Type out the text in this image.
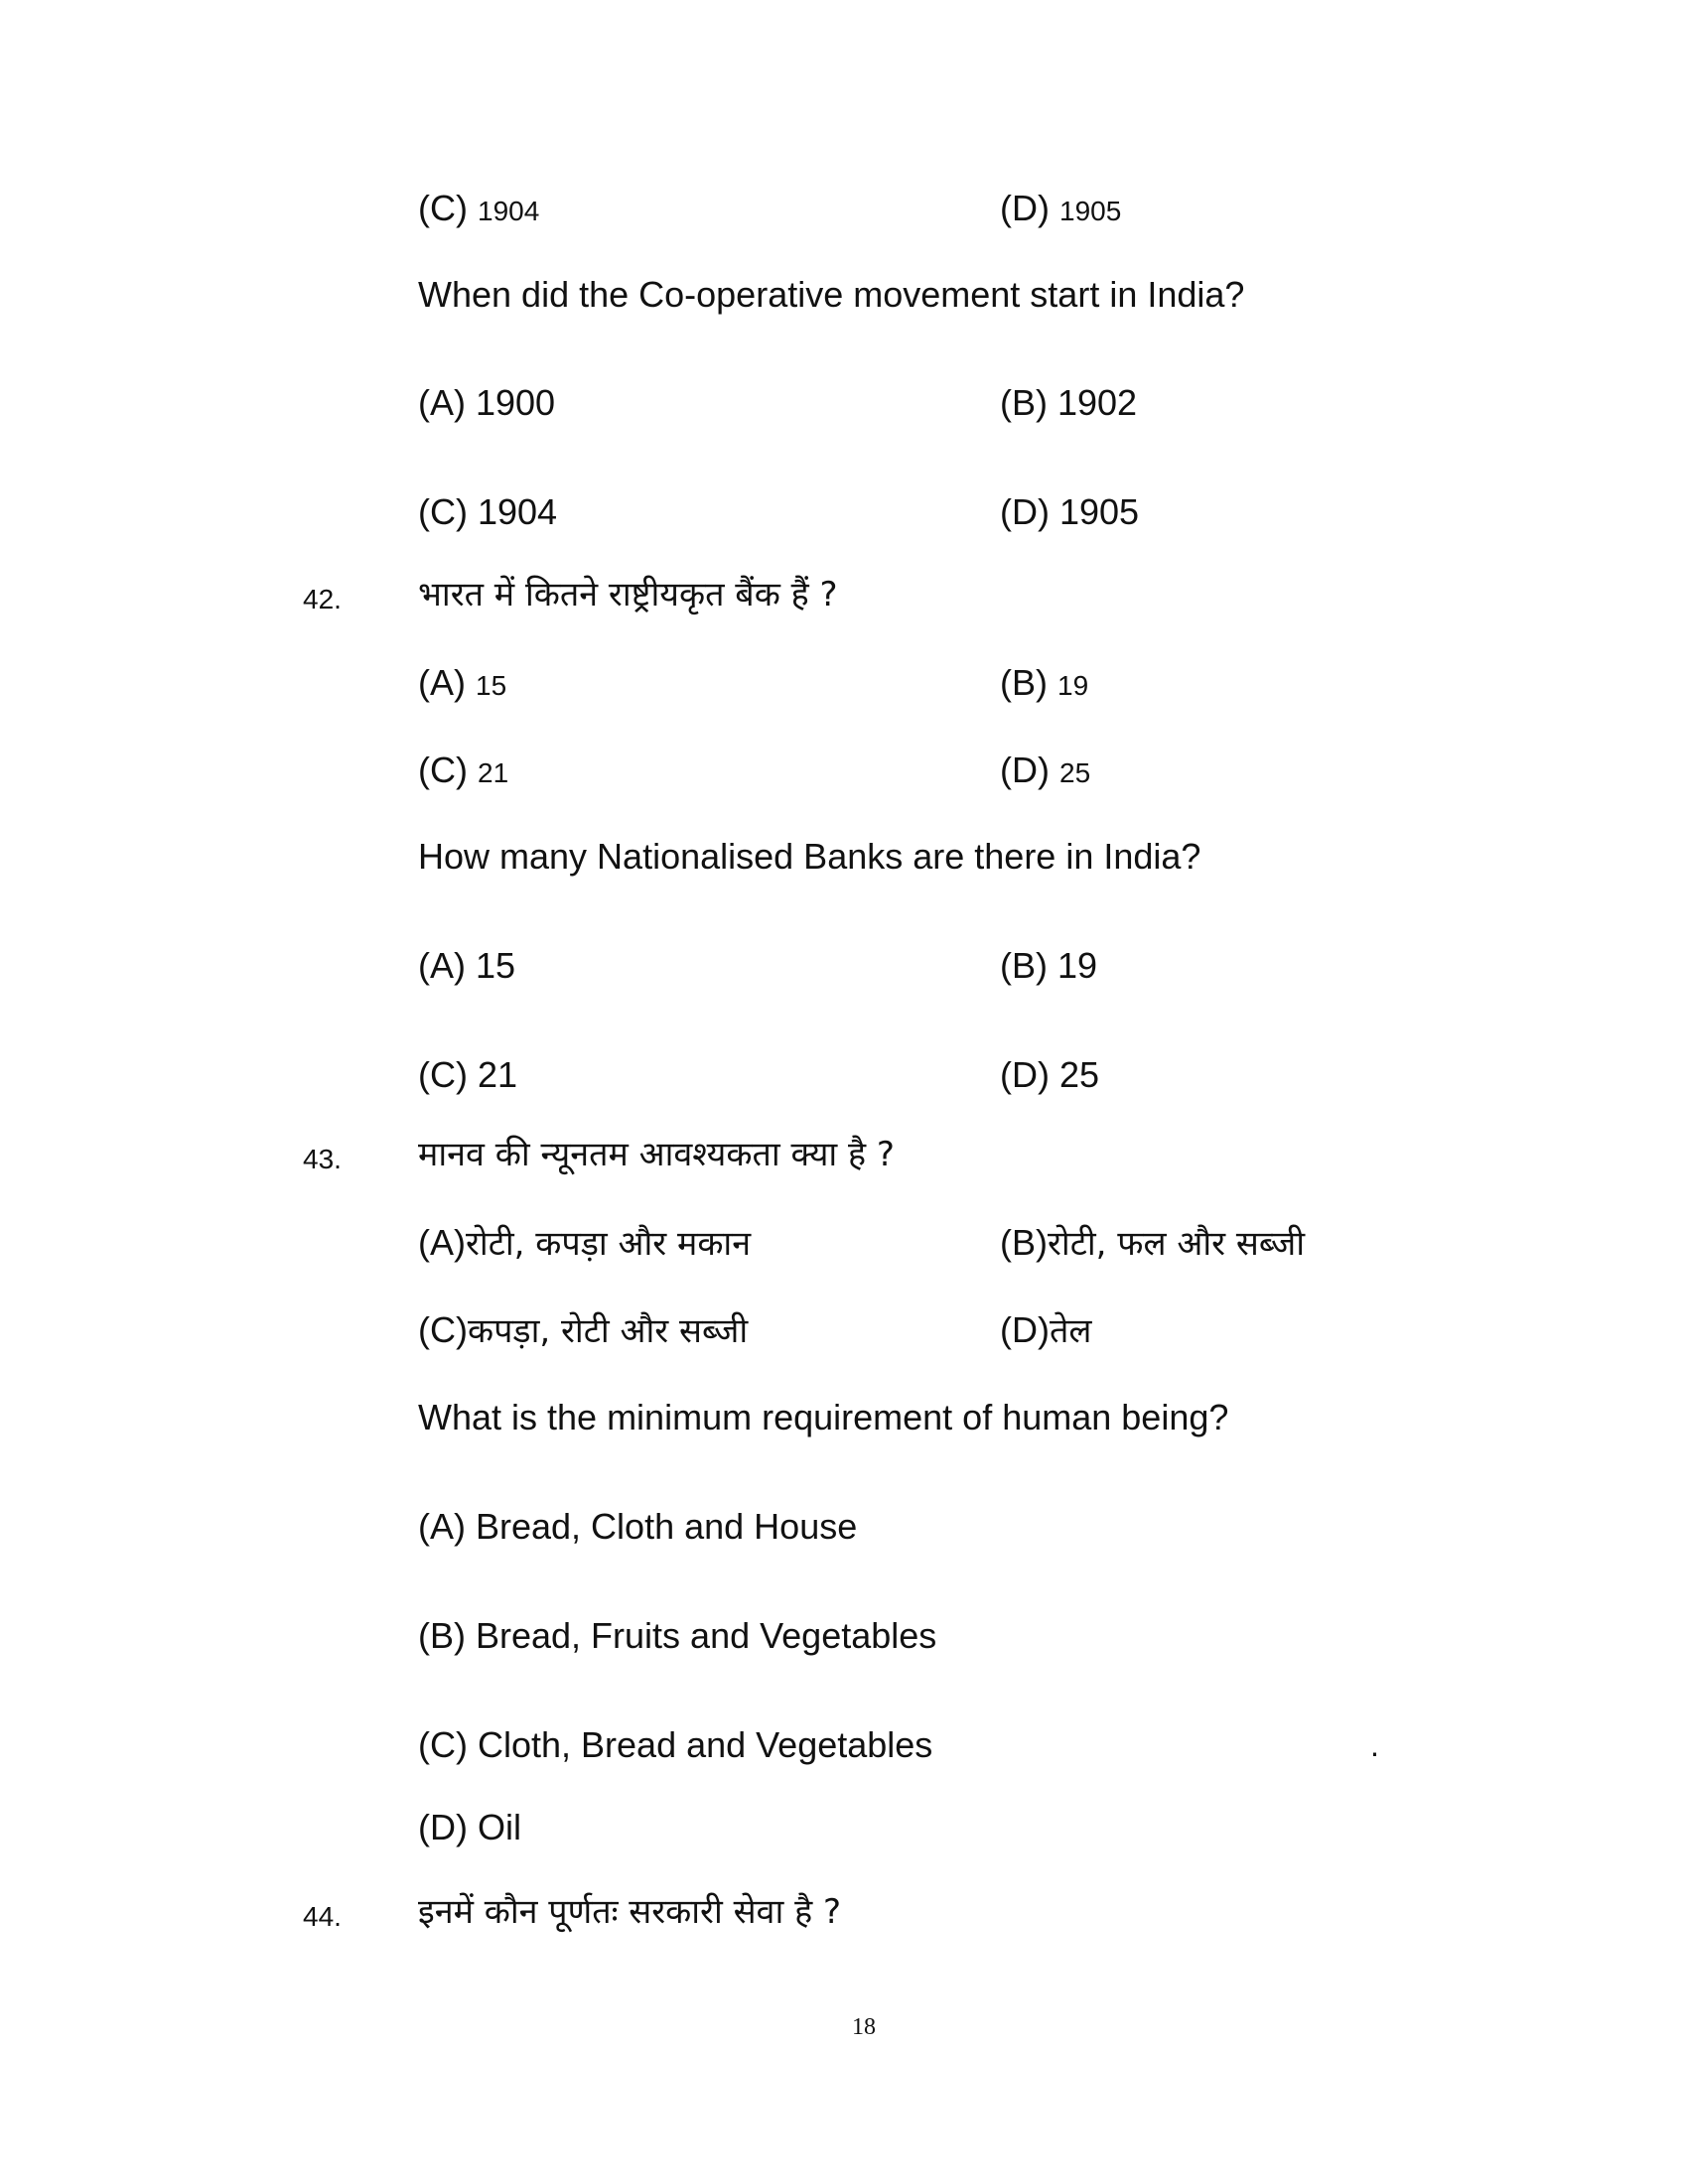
(C) 1904	(D) 1905
When did the Co-operative movement start in India?
(A) 1900	(B) 1902
(C) 1904	(D) 1905
42. भारत में कितने राष्ट्रीयकृत बैंक हैं ?
(A) 15	(B) 19
(C) 21	(D) 25
How many Nationalised Banks are there in India?
(A) 15	(B) 19
(C) 21	(D) 25
43. मानव की न्यूनतम आवश्यकता क्या है ?
(A)रोटी, कपड़ा और मकान	(B)रोटी, फल और सब्जी
(C)कपड़ा, रोटी और सब्जी	(D)तेल
What is the minimum requirement of human being?
(A) Bread, Cloth and House
(B) Bread, Fruits and Vegetables
(C) Cloth, Bread and Vegetables	.
(D) Oil
44. इनमें कौन पूर्णतः सरकारी सेवा है ?
18
